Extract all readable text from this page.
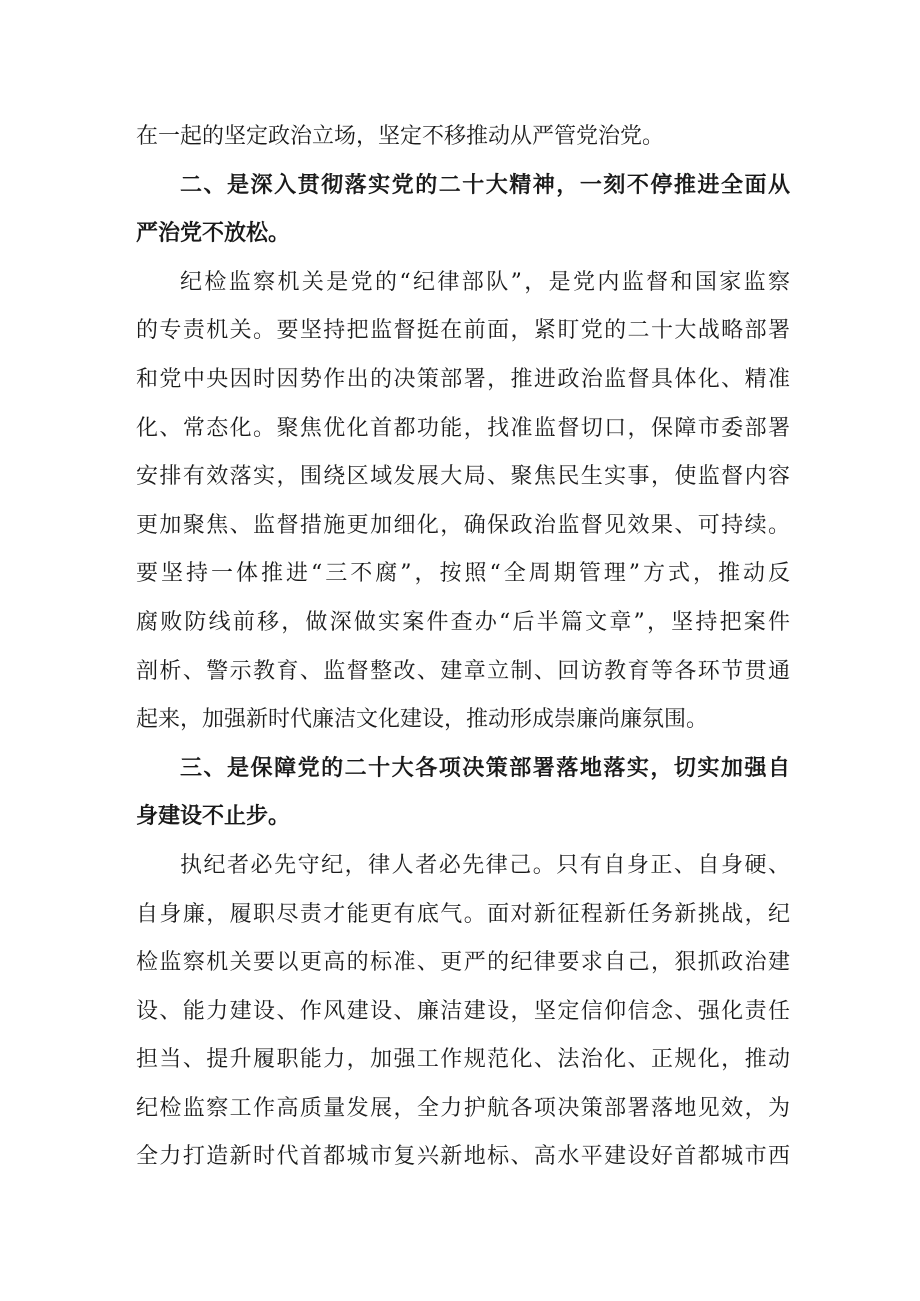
在一起的坚定政治立场，坚定不移推动从严管党治党。
二、是深入贯彻落实党的二十大精神，一刻不停推进全面从
严治党不放松。
纪检监察机关是党的“纪律部队”，是党内监督和国家监察
的专责机关。要坚持把监督挺在前面，紧盯党的二十大战略部署
和党中央因时因势作出的决策部署，推进政治监督具体化、精准
化、常态化。聚焦优化首都功能，找准监督切口，保障市委部署
安排有效落实，围绕区域发展大局、聚焦民生实事，使监督内容
更加聚焦、监督措施更加细化，确保政治监督见效果、可持续。
要坚持一体推进“三不腐”，按照“全周期管理”方式，推动反
腐败防线前移，做深做实案件查办“后半篇文章”，坚持把案件
剖析、警示教育、监督整改、建章立制、回访教育等各环节贯通
起来，加强新时代廉洁文化建设，推动形成崇廉尚廉氛围。
三、是保障党的二十大各项决策部署落地落实，切实加强自
身建设不止步。
执纪者必先守纪，律人者必先律己。只有自身正、自身硬、
自身廉，履职尽责才能更有底气。面对新征程新任务新挑战，纪
检监察机关要以更高的标准、更严的纪律要求自己，狠抓政治建
设、能力建设、作风建设、廉洁建设，坚定信仰信念、强化责任
担当、提升履职能力，加强工作规范化、法治化、正规化，推动
纪检监察工作高质量发展，全力护航各项决策部署落地见效，为
全力打造新时代首都城市复兴新地标、高水平建设好首都城市西
